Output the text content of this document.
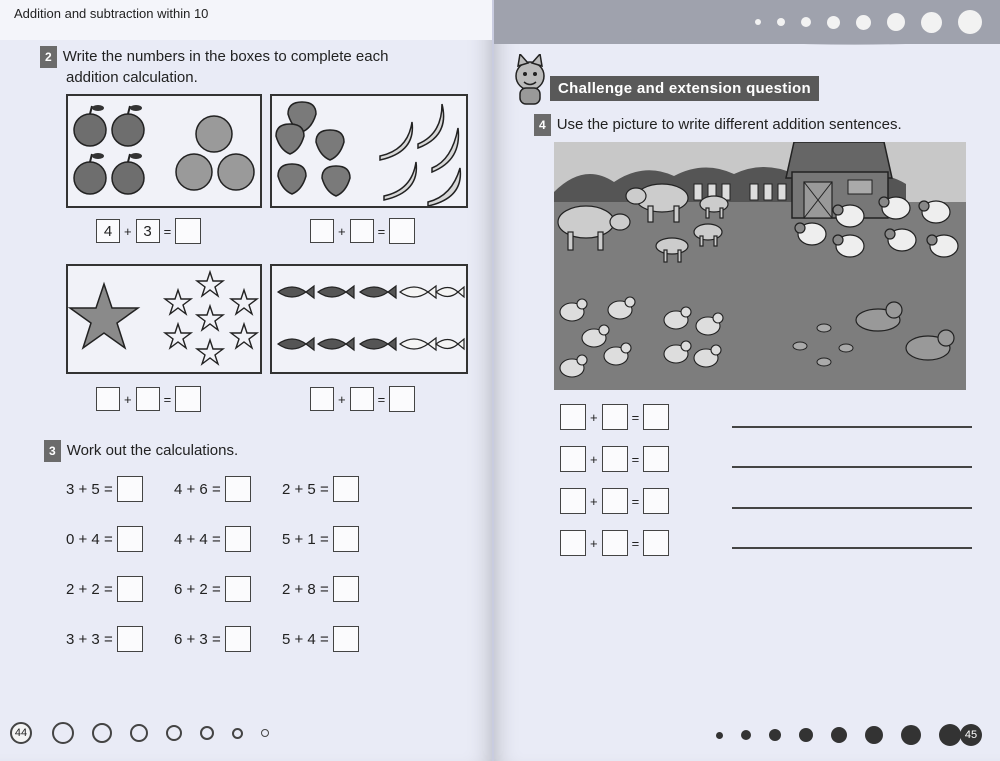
Addition and subtraction within 10
2 Write the numbers in the boxes to complete each
addition calculation.
4 + 3 =	+ =
+ =	+ =
3 Work out the calculations.
3 + 5 =	4 + 6 =	2 + 5 =
0 + 4 =	4 + 4 =	5 + 1 =
2 + 2 =	6 + 2 =	2 + 8 =
3 + 3 =	6 + 3 =	5 + 4 =
44
Challenge and extension question
4 Use the picture to write different addition sentences.
+	=
+	=
+	=
+	=
45
